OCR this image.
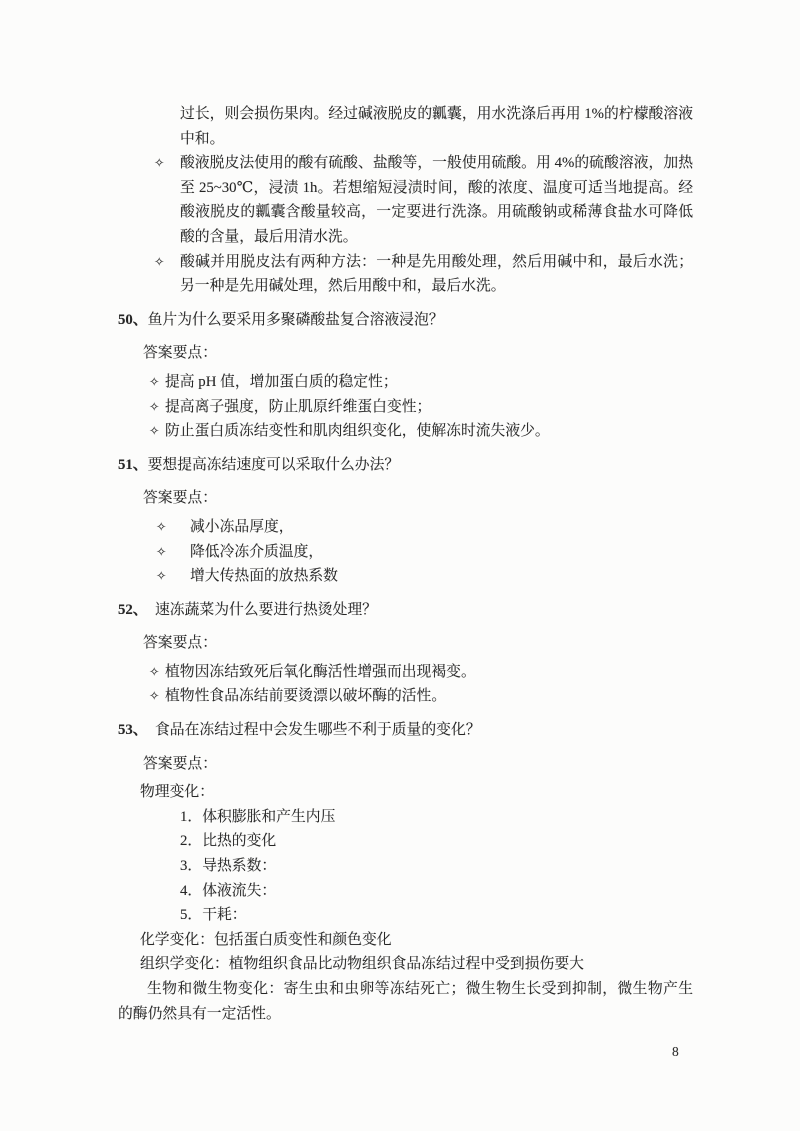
过长，则会损伤果肉。经过碱液脱皮的瓤囊，用水洗涤后再用 1%的柠檬酸溶液中和。

✧	酸液脱皮法使用的酸有硫酸、盐酸等，一般使用硫酸。用 4%的硫酸溶液，加热至 25~30℃，浸渍 1h。若想缩短浸渍时间，酸的浓度、温度可适当地提高。经酸液脱皮的瓤囊含酸量较高，一定要进行洗涤。用硫酸钠或稀薄食盐水可降低酸的含量，最后用清水洗。
✧	酸碱并用脱皮法有两种方法：一种是先用酸处理，然后用碱中和，最后水洗；另一种是先用碱处理，然后用酸中和，最后水洗。

50、鱼片为什么要采用多聚磷酸盐复合溶液浸泡？

答案要点：

✧ 提高 pH 值，增加蛋白质的稳定性；
✧ 提高离子强度，防止肌原纤维蛋白变性；
✧ 防止蛋白质冻结变性和肌肉组织变化，使解冻时流失液少。

51、要想提高冻结速度可以采取什么办法？

答案要点：

✧	减小冻品厚度，
✧	降低冷冻介质温度，
✧	增大传热面的放热系数

52、　速冻蔬菜为什么要进行热烫处理？

答案要点：

✧ 植物因冻结致死后氧化酶活性增强而出现褐变。
✧ 植物性食品冻结前要烫漂以破坏酶的活性。

53、　食品在冻结过程中会发生哪些不利于质量的变化？

答案要点：

物理变化：

1．体积膨胀和产生内压

2．比热的变化

3．导热系数：

4．体液流失：

5．干耗：

化学变化：包括蛋白质变性和颜色变化

组织学变化：植物组织食品比动物组织食品冻结过程中受到损伤要大

生物和微生物变化：寄生虫和虫卵等冻结死亡；微生物生长受到抑制，微生物产生的酶仍然具有一定活性。

8
